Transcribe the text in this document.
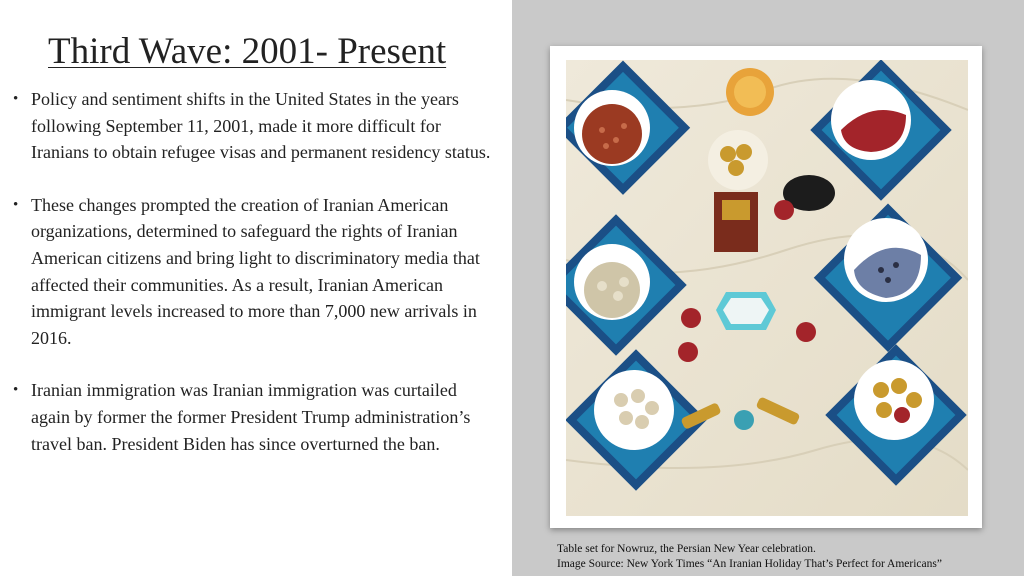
Third Wave: 2001- Present
• Policy and sentiment shifts in the United States in the years following September 11, 2001, made it more difficult for Iranians to obtain refugee visas and permanent residency status.
• These changes prompted the creation of Iranian American organizations, determined to safeguard the rights of Iranian American citizens and bring light to discriminatory media that affected their communities. As a result, Iranian American immigrant levels increased to more than 7,000 new arrivals in 2016.
• Iranian immigration was Iranian immigration was curtailed again by former the former President Trump administration’s travel ban. President Biden has since overturned the ban.
Table set for Nowruz, the Persian New Year celebration.
Image Source: New York Times “An Iranian Holiday That’s Perfect for Americans”
